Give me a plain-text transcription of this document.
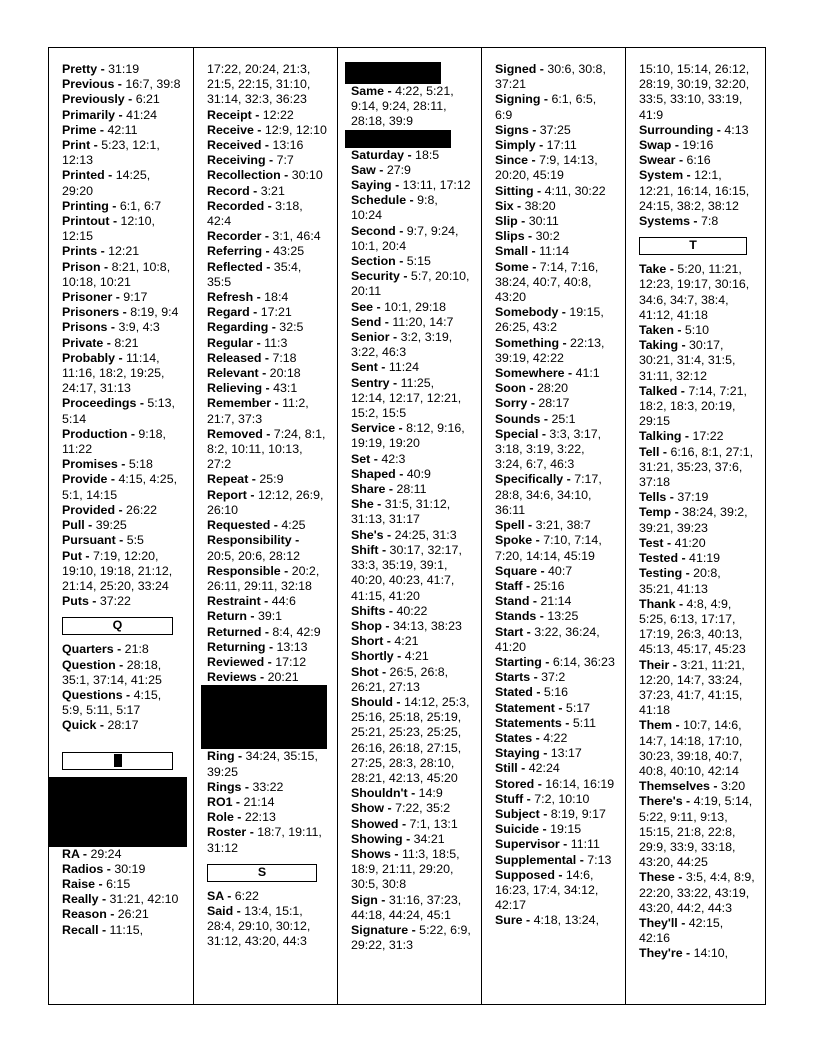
Pretty - 31:19
Previous - 16:7, 39:8
Previously - 6:21
Primarily - 41:24
Prime - 42:11
Print - 5:23, 12:1, 12:13
Printed - 14:25, 29:20
Printing - 6:1, 6:7
Printout - 12:10, 12:15
Prints - 12:21
Prison - 8:21, 10:8, 10:18, 10:21
Prisoner - 9:17
Prisoners - 8:19, 9:4
Prisons - 3:9, 4:3
Private - 8:21
Probably - 11:14, 11:16, 18:2, 19:25, 24:17, 31:13
Proceedings - 5:13, 5:14
Production - 9:18, 11:22
Promises - 5:18
Provide - 4:15, 4:25, 5:1, 14:15
Provided - 26:22
Pull - 39:25
Pursuant - 5:5
Put - 7:19, 12:20, 19:10, 19:18, 21:12, 21:14, 25:20, 33:24
Puts - 37:22
Q
Quarters - 21:8
Question - 28:18, 35:1, 37:14, 41:25
Questions - 4:15, 5:9, 5:11, 5:17
Quick - 28:17
RA - 29:24
Radios - 30:19
Raise - 6:15
Really - 31:21, 42:10
Reason - 26:21
Recall - 11:15,
17:22, 20:24, 21:3, 21:5, 22:15, 31:10, 31:14, 32:3, 36:23
Receipt - 12:22
Receive - 12:9, 12:10
Received - 13:16
Receiving - 7:7
Recollection - 30:10
Record - 3:21
Recorded - 3:18, 42:4
Recorder - 3:1, 46:4
Referring - 43:25
Reflected - 35:4, 35:5
Refresh - 18:4
Regard - 17:21
Regarding - 32:5
Regular - 11:3
Released - 7:18
Relevant - 20:18
Relieving - 43:1
Remember - 11:2, 21:7, 37:3
Removed - 7:24, 8:1, 8:2, 10:11, 10:13, 27:2
Repeat - 25:9
Report - 12:12, 26:9, 26:10
Requested - 4:25
Responsibility - 20:5, 20:6, 28:12
Responsible - 20:2, 26:11, 29:11, 32:18
Restraint - 44:6
Return - 39:1
Returned - 8:4, 42:9
Returning - 13:13
Reviewed - 17:12
Reviews - 20:21
Ring - 34:24, 35:15, 39:25
Rings - 33:22
RO1 - 21:14
Role - 22:13
Roster - 18:7, 19:11, 31:12
S
SA - 6:22
Said - 13:4, 15:1, 28:4, 29:10, 30:12, 31:12, 43:20, 44:3
Same - 4:22, 5:21, 9:14, 9:24, 28:11, 28:18, 39:9
Saturday - 18:5
Saw - 27:9
Saying - 13:11, 17:12
Schedule - 9:8, 10:24
Second - 9:7, 9:24, 10:1, 20:4
Section - 5:15
Security - 5:7, 20:10, 20:11
See - 10:1, 29:18
Send - 11:20, 14:7
Senior - 3:2, 3:19, 3:22, 46:3
Sent - 11:24
Sentry - 11:25, 12:14, 12:17, 12:21, 15:2, 15:5
Service - 8:12, 9:16, 19:19, 19:20
Set - 42:3
Shaped - 40:9
Share - 28:11
She - 31:5, 31:12, 31:13, 31:17
She's - 24:25, 31:3
Shift - 30:17, 32:17, 33:3, 35:19, 39:1, 40:20, 40:23, 41:7, 41:15, 41:20
Shifts - 40:22
Shop - 34:13, 38:23
Short - 4:21
Shortly - 4:21
Shot - 26:5, 26:8, 26:21, 27:13
Should - 14:12, 25:3, 25:16, 25:18, 25:19, 25:21, 25:23, 25:25, 26:16, 26:18, 27:15, 27:25, 28:3, 28:10, 28:21, 42:13, 45:20
Shouldn't - 14:9
Show - 7:22, 35:2
Showed - 7:1, 13:1
Showing - 34:21
Shows - 11:3, 18:5, 18:9, 21:11, 29:20, 30:5, 30:8
Sign - 31:16, 37:23, 44:18, 44:24, 45:1
Signature - 5:22, 6:9, 29:22, 31:3
Signed - 30:6, 30:8, 37:21
Signing - 6:1, 6:5, 6:9
Signs - 37:25
Simply - 17:11
Since - 7:9, 14:13, 20:20, 45:19
Sitting - 4:11, 30:22
Six - 38:20
Slip - 30:11
Slips - 30:2
Small - 11:14
Some - 7:14, 7:16, 38:24, 40:7, 40:8, 43:20
Somebody - 19:15, 26:25, 43:2
Something - 22:13, 39:19, 42:22
Somewhere - 41:1
Soon - 28:20
Sorry - 28:17
Sounds - 25:1
Special - 3:3, 3:17, 3:18, 3:19, 3:22, 3:24, 6:7, 46:3
Specifically - 7:17, 28:8, 34:6, 34:10, 36:11
Spell - 3:21, 38:7
Spoke - 7:10, 7:14, 7:20, 14:14, 45:19
Square - 40:7
Staff - 25:16
Stand - 21:14
Stands - 13:25
Start - 3:22, 36:24, 41:20
Starting - 6:14, 36:23
Starts - 37:2
Stated - 5:16
Statement - 5:17
Statements - 5:11
States - 4:22
Staying - 13:17
Still - 42:24
Stored - 16:14, 16:19
Stuff - 7:2, 10:10
Subject - 8:19, 9:17
Suicide - 19:15
Supervisor - 11:11
Supplemental - 7:13
Supposed - 14:6, 16:23, 17:4, 34:12, 42:17
Sure - 4:18, 13:24,
15:10, 15:14, 26:12, 28:19, 30:19, 32:20, 33:5, 33:10, 33:19, 41:9
Surrounding - 4:13
Swap - 19:16
Swear - 6:16
System - 12:1, 12:21, 16:14, 16:15, 24:15, 38:2, 38:12
Systems - 7:8
T
Take - 5:20, 11:21, 12:23, 19:17, 30:16, 34:6, 34:7, 38:4, 41:12, 41:18
Taken - 5:10
Taking - 30:17, 30:21, 31:4, 31:5, 31:11, 32:12
Talked - 7:14, 7:21, 18:2, 18:3, 20:19, 29:15
Talking - 17:22
Tell - 6:16, 8:1, 27:1, 31:21, 35:23, 37:6, 37:18
Tells - 37:19
Temp - 38:24, 39:2, 39:21, 39:23
Test - 41:20
Tested - 41:19
Testing - 20:8, 35:21, 41:13
Thank - 4:8, 4:9, 5:25, 6:13, 17:17, 17:19, 26:3, 40:13, 45:13, 45:17, 45:23
Their - 3:21, 11:21, 12:20, 14:7, 33:24, 37:23, 41:7, 41:15, 41:18
Them - 10:7, 14:6, 14:7, 14:18, 17:10, 30:23, 39:18, 40:7, 40:8, 40:10, 42:14
Themselves - 3:20
There's - 4:19, 5:14, 5:22, 9:11, 9:13, 15:15, 21:8, 22:8, 29:9, 33:9, 33:18, 43:20, 44:25
These - 3:5, 4:4, 8:9, 22:20, 33:22, 43:19, 43:20, 44:2, 44:3
They'll - 42:15, 42:16
They're - 14:10,
